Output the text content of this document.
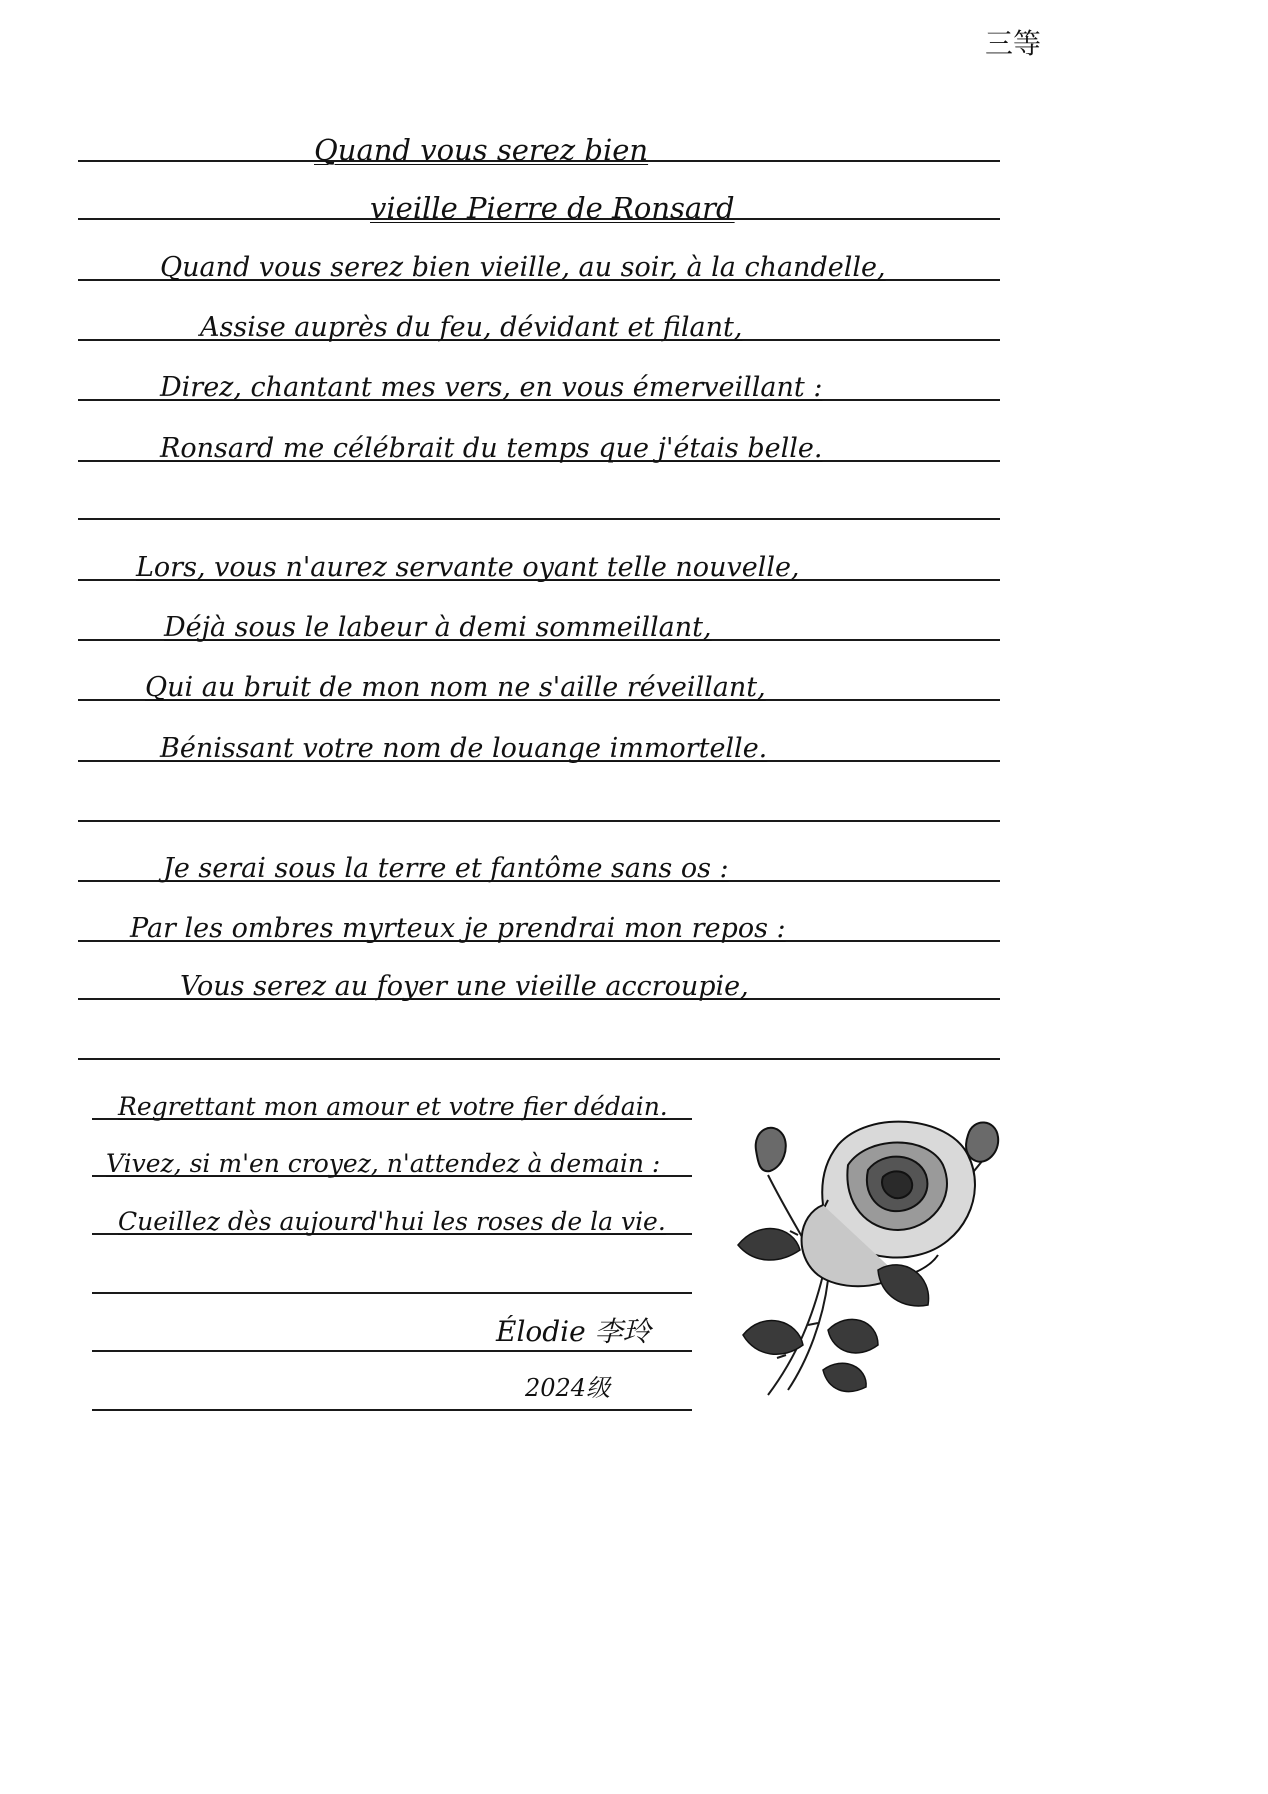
三等
Quand vous serez bien
vieille Pierre de Ronsard
Quand vous serez bien vieille, au soir, à la chandelle,
Assise auprès du feu, dévidant et filant,
Direz, chantant mes vers, en vous émerveillant :
Ronsard me célébrait du temps que j'étais belle.
Lors, vous n'aurez servante oyant telle nouvelle,
Déjà sous le labeur à demi sommeillant,
Qui au bruit de mon nom ne s'aille réveillant,
Bénissant votre nom de louange immortelle.
Je serai sous la terre et fantôme sans os :
Par les ombres myrteux je prendrai mon repos :
Vous serez au foyer une vieille accroupie,
Regrettant mon amour et votre fier dédain.
Vivez, si m'en croyez, n'attendez à demain :
Cueillez dès aujourd'hui les roses de la vie.
Élodie 李玲
2024级
